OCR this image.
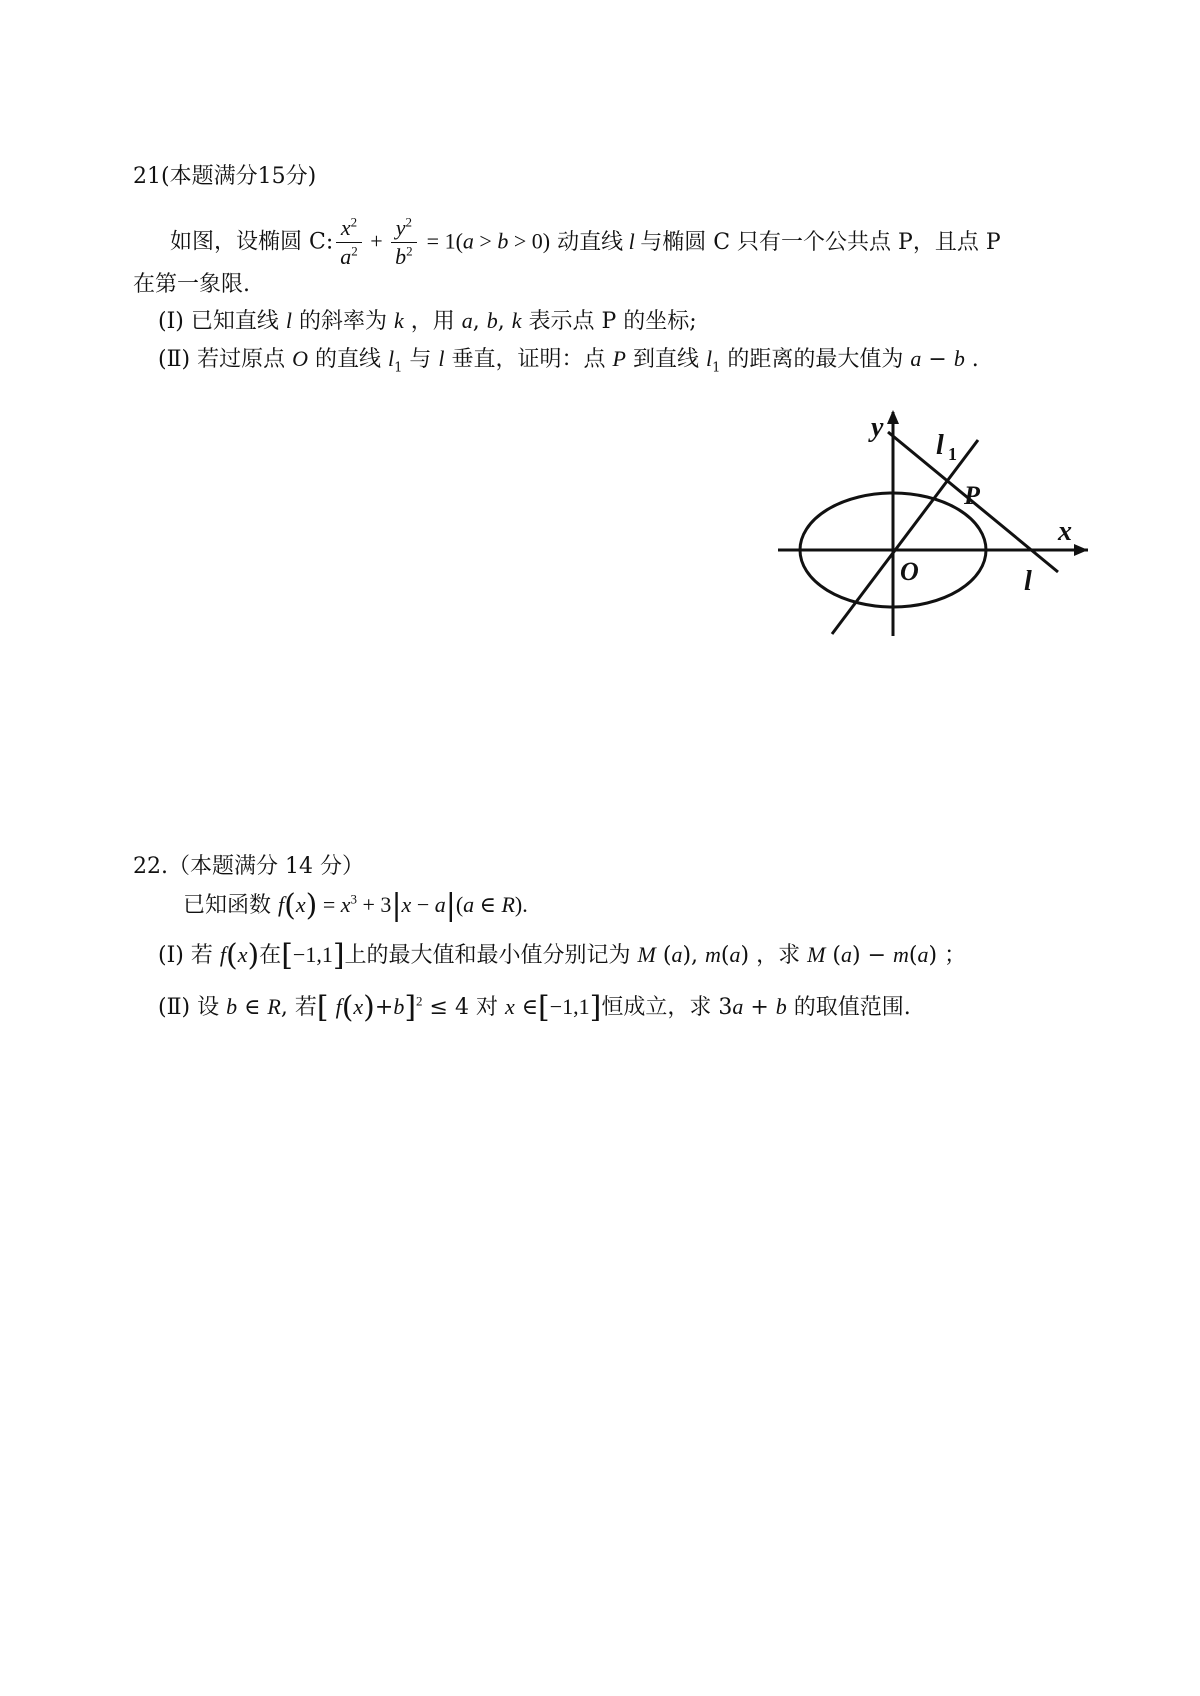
21(本题满分15分)
如图，设椭圆 C: $\frac{x^2}{a^2} + \frac{y^2}{b^2} = 1(a > b > 0)$ 动直线 l 与椭圆 C 只有一个公共点 P，且点 P
在第一象限.
(Ⅰ) 已知直线 l 的斜率为 k ，用 a, b, k 表示点 P 的坐标;
(Ⅱ) 若过原点 O 的直线 $l_1$ 与 l 垂直，证明：点 P 到直线 $l_1$ 的距离的最大值为 a − b .
y
x
O
P
l
l 1
22.（本题满分 14 分）
已知函数 $f(x) = x^3 + 3|x - a|(a$ ∈ R).
(Ⅰ) 若 f(x)在[−1,1]上的最大值和最小值分别记为 M (a), m(a) ，求 M (a) − m(a) ；
(Ⅱ) 设 b ∈ R, 若[ f(x)+b]$^2$ ≤ 4 对 x ∈[−1,1]恒成立，求 3a + b 的取值范围.
